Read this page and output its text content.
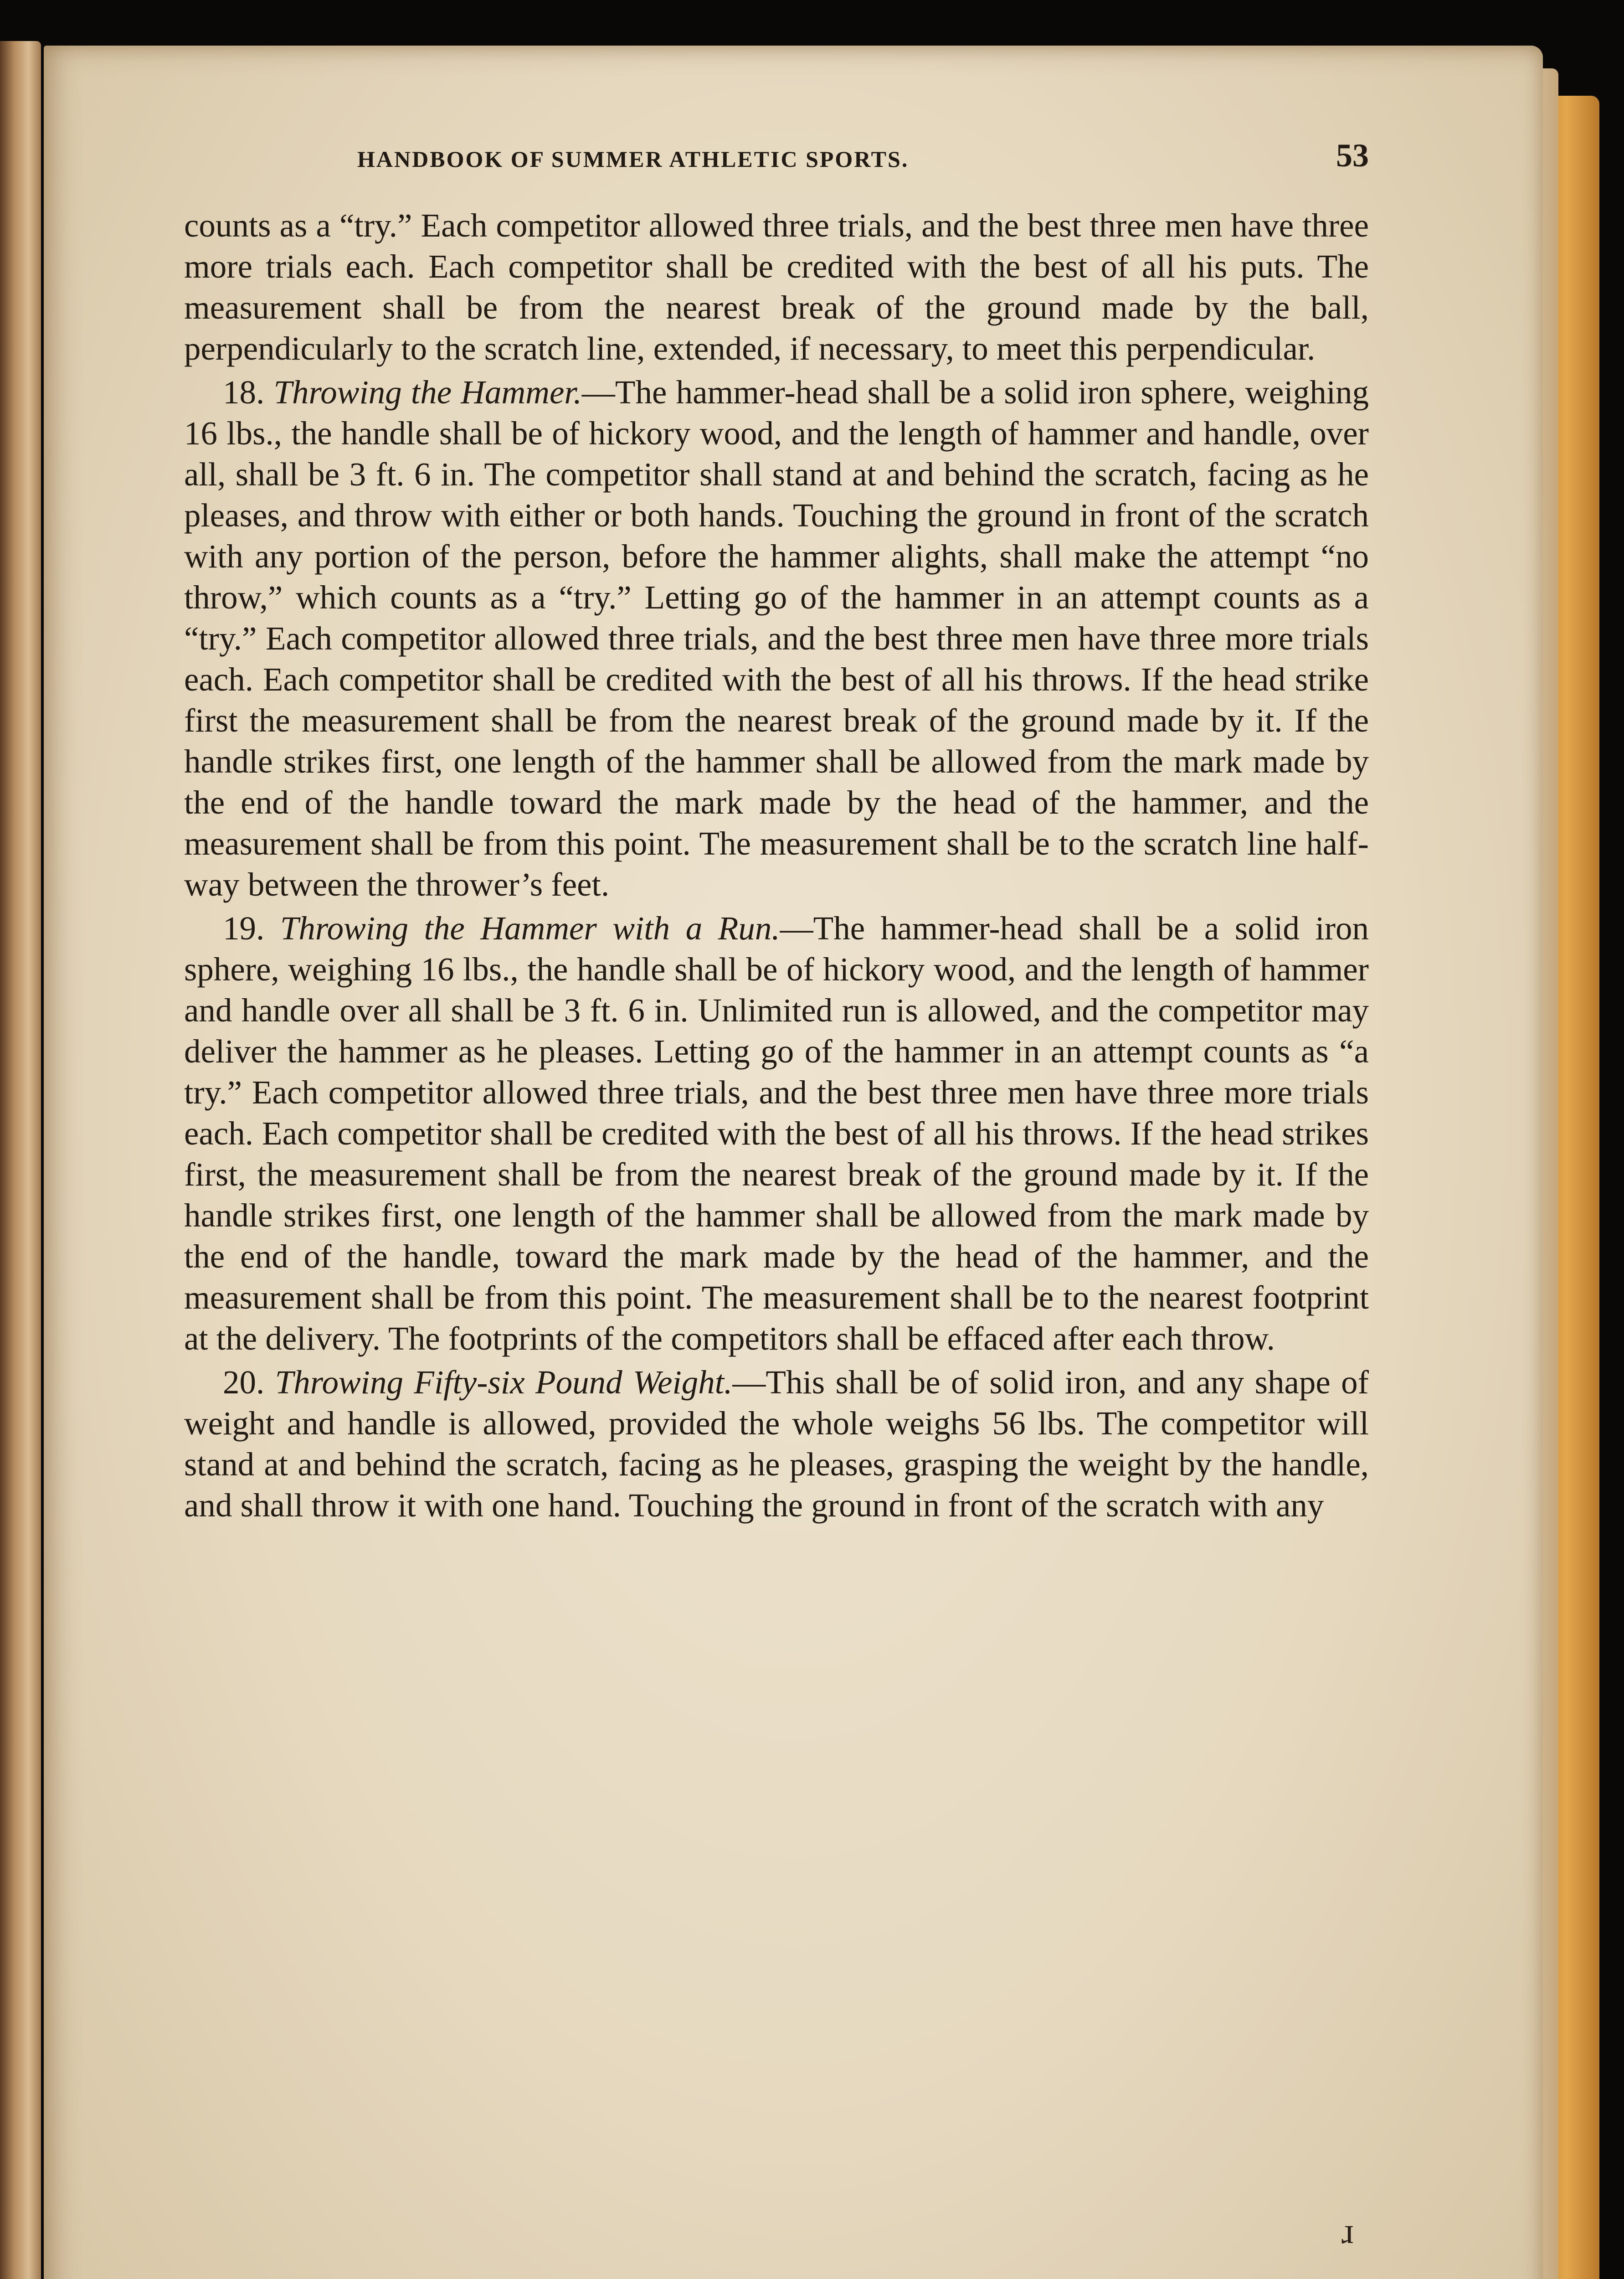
HANDBOOK OF SUMMER ATHLETIC SPORTS.	53

counts as a “try.” Each competitor allowed three trials, and the best three men have three more trials each. Each competitor shall be credited with the best of all his puts. The measurement shall be from the nearest break of the ground made by the ball, perpendicularly to the scratch line, extended, if necessary, to meet this perpendicular.

18. Throwing the Hammer.—The hammer-head shall be a solid iron sphere, weighing 16 lbs., the handle shall be of hickory wood, and the length of hammer and handle, over all, shall be 3 ft. 6 in. The competitor shall stand at and behind the scratch, facing as he pleases, and throw with either or both hands. Touching the ground in front of the scratch with any portion of the person, before the hammer alights, shall make the attempt “no throw,” which counts as a “try.” Letting go of the hammer in an attempt counts as a “try.” Each competitor allowed three trials, and the best three men have three more trials each. Each competitor shall be credited with the best of all his throws. If the head strike first the measurement shall be from the nearest break of the ground made by it. If the handle strikes first, one length of the hammer shall be allowed from the mark made by the end of the handle toward the mark made by the head of the hammer, and the measurement shall be from this point. The measurement shall be to the scratch line half-way between the thrower’s feet.

19. Throwing the Hammer with a Run.—The hammer-head shall be a solid iron sphere, weighing 16 lbs., the handle shall be of hickory wood, and the length of hammer and handle over all shall be 3 ft. 6 in. Unlimited run is allowed, and the competitor may deliver the hammer as he pleases. Letting go of the hammer in an attempt counts as “a try.” Each competitor allowed three trials, and the best three men have three more trials each. Each competitor shall be credited with the best of all his throws. If the head strikes first, the measurement shall be from the nearest break of the ground made by it. If the handle strikes first, one length of the hammer shall be allowed from the mark made by the end of the handle, toward the mark made by the head of the hammer, and the measurement shall be from this point. The measurement shall be to the nearest footprint at the delivery. The footprints of the competitors shall be effaced after each throw.

20. Throwing Fifty-six Pound Weight.—This shall be of solid iron, and any shape of weight and handle is allowed, provided the whole weighs 56 lbs. The competitor will stand at and behind the scratch, facing as he pleases, grasping the weight by the handle, and shall throw it with one hand. Touching the ground in front of the scratch with any

ɹ
